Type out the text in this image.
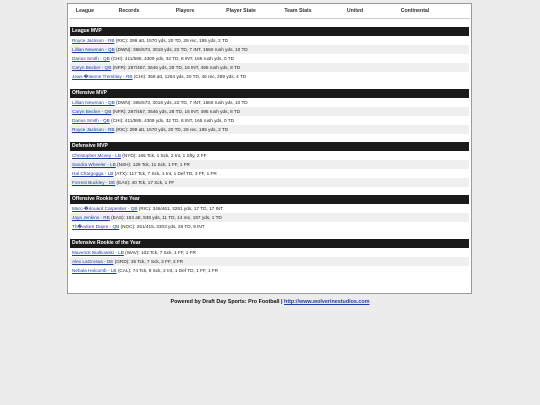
League	Records	Players	Player State	Team Stats	United	Continental
League MVP
Royce Jackson - RB (RIC): 299 att, 1570 yds, 20 TD, 29 rec, 195 yds, 2 TD
Lillian Newman - QB (DWN): 365/573, 3018 yds, 22 TD, 7 INT, 1560 rush yds, 10 TD
Darius Smith - QB (CHI): 411/585, 4309 yds, 32 TD, 8 INT, 165 rush yds, 0 TD
Caryn Becker - QB (NFR): 287/467, 3646 yds, 28 TD, 16 INT, 495 rush yds, 8 TD
Jean-�tienne Tremblay - RB (CHI): 359 att, 1264 yds, 20 TD, 46 rec, 289 yds, 4 TD
Offensive MVP
Lillian Newman - QB (DWN): 365/573, 3018 yds, 22 TD, 7 INT, 1560 rush yds, 10 TD
Caryn Becker - QB (NFR): 287/467, 3646 yds, 28 TD, 16 INT, 495 rush yds, 8 TD
Darius Smith - QB (CHI): 411/585, 4309 yds, 32 TD, 8 INT, 165 rush yds, 0 TD
Royce Jackson - RB (RIC): 299 att, 1570 yds, 20 TD, 29 rec, 195 yds, 2 TD
Defensive MVP
Christopher Mcvey - LB (NYD): 165 Tck, 1 Sck, 2 Int, 1 Sfty, 2 FF
Sandra Wheeler - LB (NSH): 129 Tck, 11 Sck, 1 FF, 1 FR
Hal Chargogga - LB (ATX): 117 Tck, 7 Sck, 1 Int, 1 Def TD, 3 FF, 1 FR
Forrest Buckley - DE (EAS): 40 Tck, 17 Sck, 1 FF
Offensive Rookie of the Year
Marc-�douard Carpentier - QB (RIC): 346/461, 3281 yds, 17 TD, 17 INT
Jaya Jenkins - RB (EAS): 153 att, 938 yds, 11 TD, 14 rec, 157 yds, 1 TD
Th�odore Dupre - QB (NOC): 261/415, 3303 yds, 28 TD, 9 INT
Defensive Rookie of the Year
Maverick Bialkowski - LB (WAV): 102 Tck, 7 Sck, 1 FF, 1 FR
Alex LaGrossa - DE (GRD): 35 Tck, 7 Sck, 2 FF, 2 FR
Nebula Holcomb - LB (CAL): 74 Tck, 8 Sck, 2 Int, 1 Def TD, 1 FF, 1 FR
Powered by Draft Day Sports: Pro Football | http://www.wolverinestudios.com
